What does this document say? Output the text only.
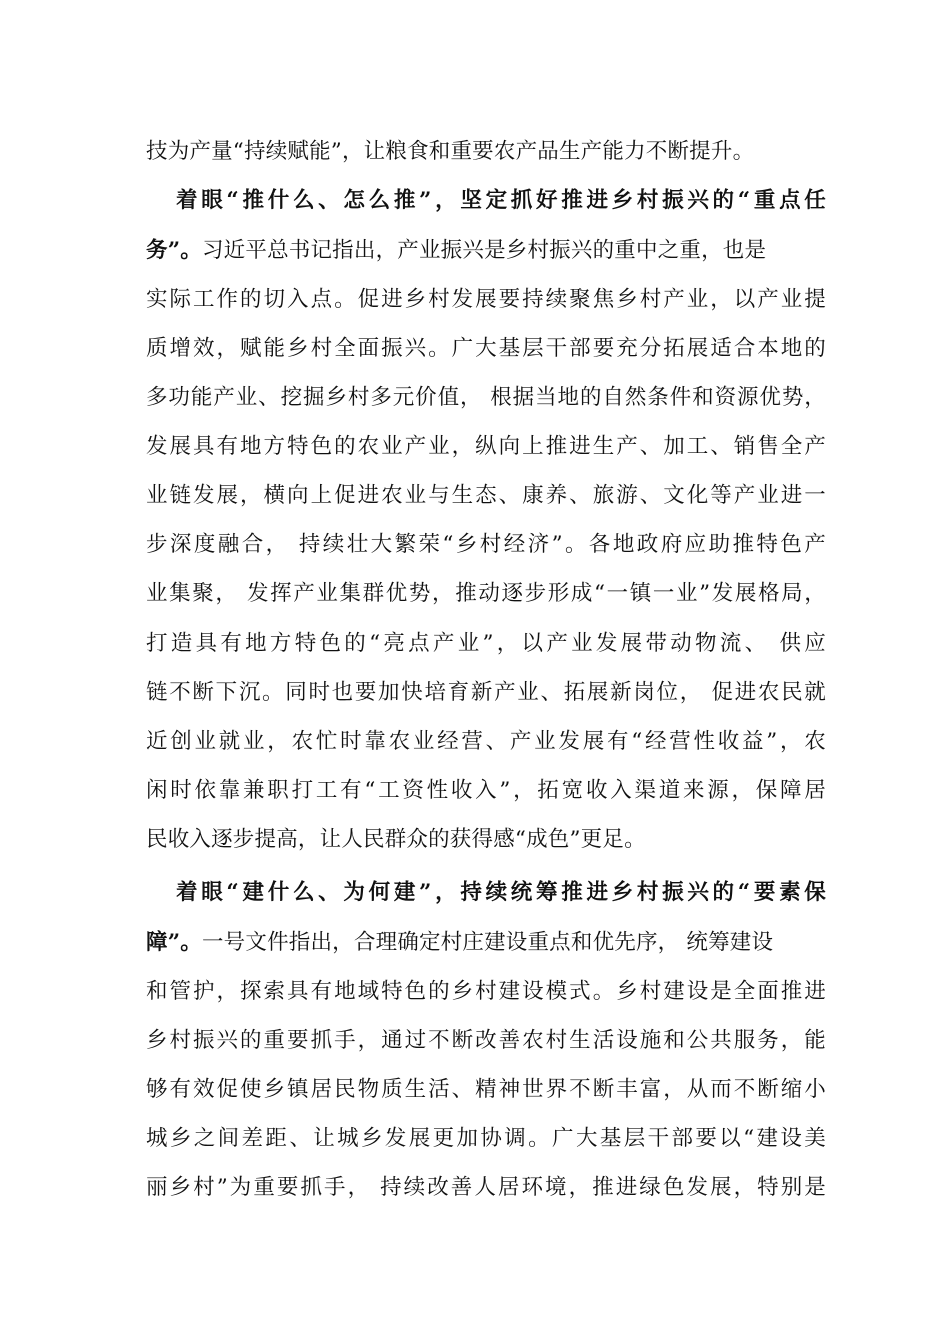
技为产量“持续赋能”，让粮食和重要农产品生产能力不断提升。
着眼“推什么、怎么推”，坚定抓好推进乡村振兴的“重点任
务”。习近平总书记指出，产业振兴是乡村振兴的重中之重，也是
实际工作的切入点。促进乡村发展要持续聚焦乡村产业，以产业提
质增效，赋能乡村全面振兴。广大基层干部要充分拓展适合本地的
多功能产业、挖掘乡村多元价值， 根据当地的自然条件和资源优势，
发展具有地方特色的农业产业，纵向上推进生产、加工、销售全产
业链发展，横向上促进农业与生态、康养、旅游、文化等产业进一
步深度融合， 持续壮大繁荣“乡村经济”。各地政府应助推特色产
业集聚， 发挥产业集群优势，推动逐步形成“一镇一业”发展格局，
打造具有地方特色的“亮点产业”，以产业发展带动物流、 供应
链不断下沉。同时也要加快培育新产业、拓展新岗位， 促进农民就
近创业就业，农忙时靠农业经营、产业发展有“经营性收益”，农
闲时依靠兼职打工有“工资性收入”，拓宽收入渠道来源，保障居
民收入逐步提高，让人民群众的获得感“成色”更足。
着眼“建什么、为何建”，持续统筹推进乡村振兴的“要素保
障”。一号文件指出，合理确定村庄建设重点和优先序， 统筹建设
和管护，探索具有地域特色的乡村建设模式。乡村建设是全面推进
乡村振兴的重要抓手，通过不断改善农村生活设施和公共服务，能
够有效促使乡镇居民物质生活、精神世界不断丰富，从而不断缩小
城乡之间差距、让城乡发展更加协调。广大基层干部要以“建设美
丽乡村”为重要抓手， 持续改善人居环境，推进绿色发展，特别是
